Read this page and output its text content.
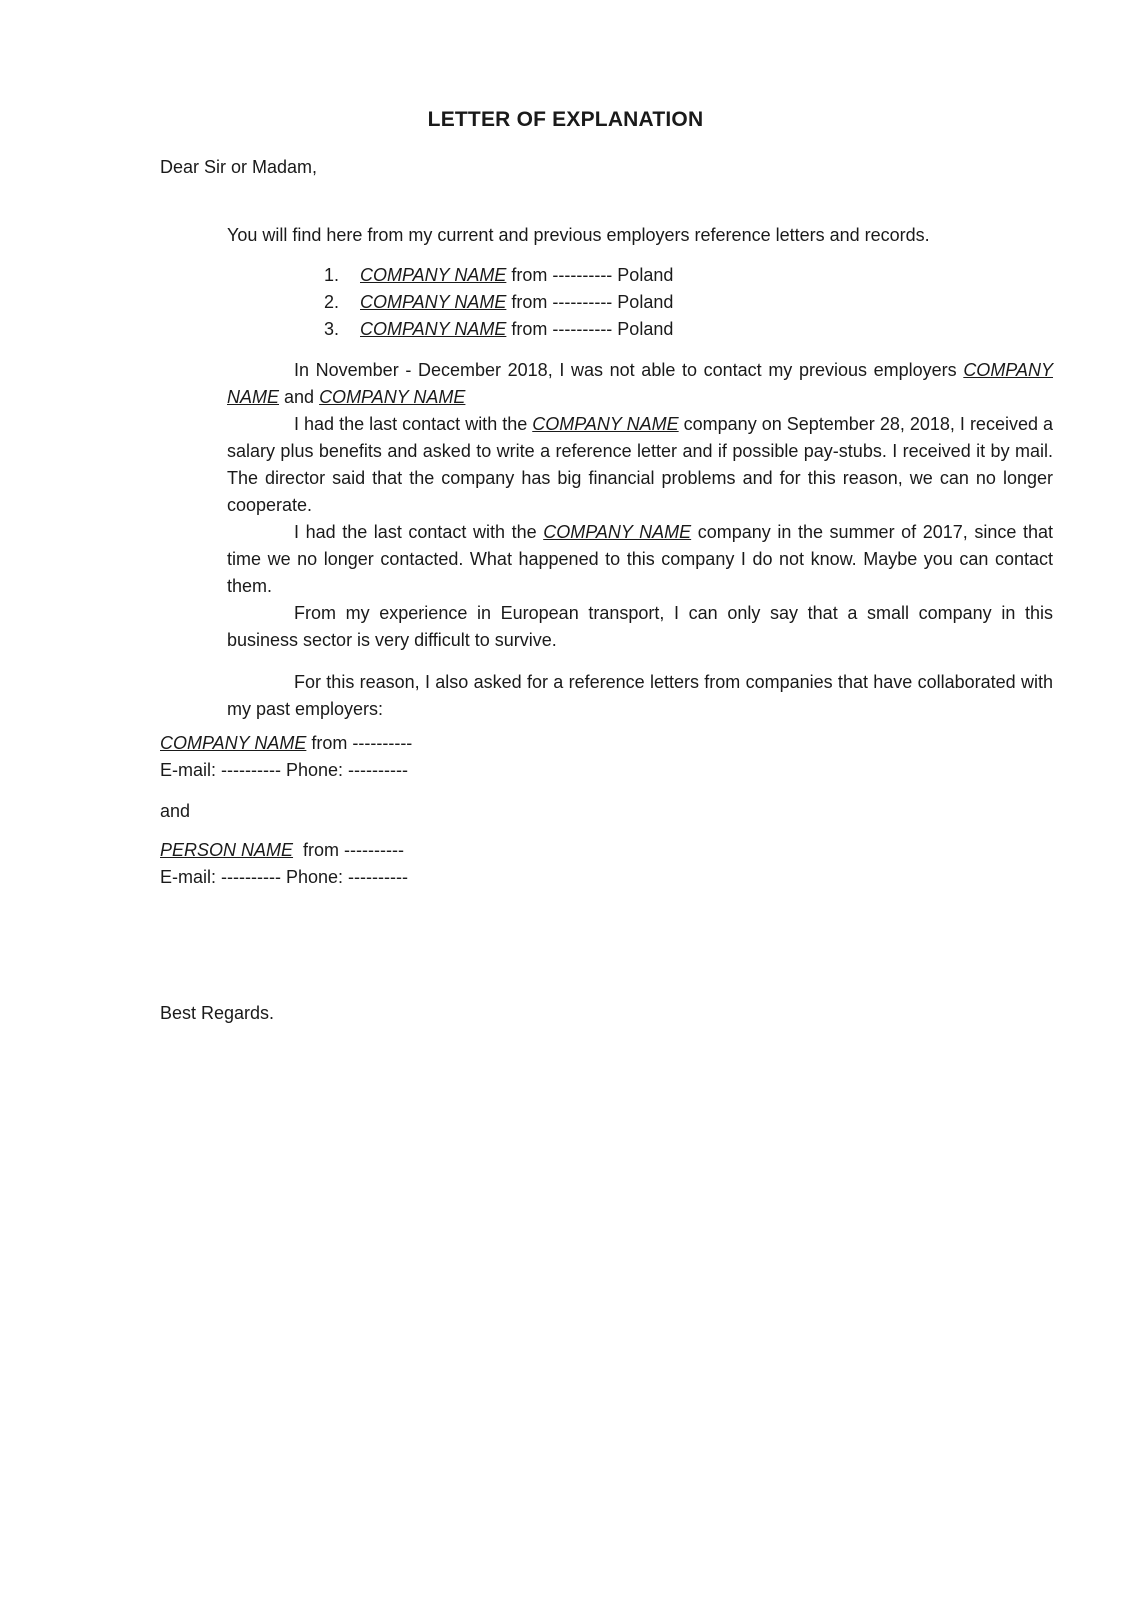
LETTER OF EXPLANATION
Dear Sir or Madam,
You will find here from my current and previous employers reference letters and records.
1. COMPANY NAME from ---------- Poland
2. COMPANY NAME from ---------- Poland
3. COMPANY NAME from ---------- Poland

In November - December 2018, I was not able to contact my previous employers COMPANY NAME and COMPANY NAME

I had the last contact with the COMPANY NAME company on September 28, 2018, I received a salary plus benefits and asked to write a reference letter and if possible pay-stubs. I received it by mail. The director said that the company has big financial problems and for this reason, we can no longer cooperate.

I had the last contact with the COMPANY NAME company in the summer of 2017, since that time we no longer contacted. What happened to this company I do not know. Maybe you can contact them.

From my experience in European transport, I can only say that a small company in this business sector is very difficult to survive.

For this reason, I also asked for a reference letters from companies that have collaborated with my past employers:

COMPANY NAME from ----------

E-mail: ---------- Phone: ----------

and

PERSON NAME  from ----------

E-mail: ---------- Phone: ----------

Best Regards.
